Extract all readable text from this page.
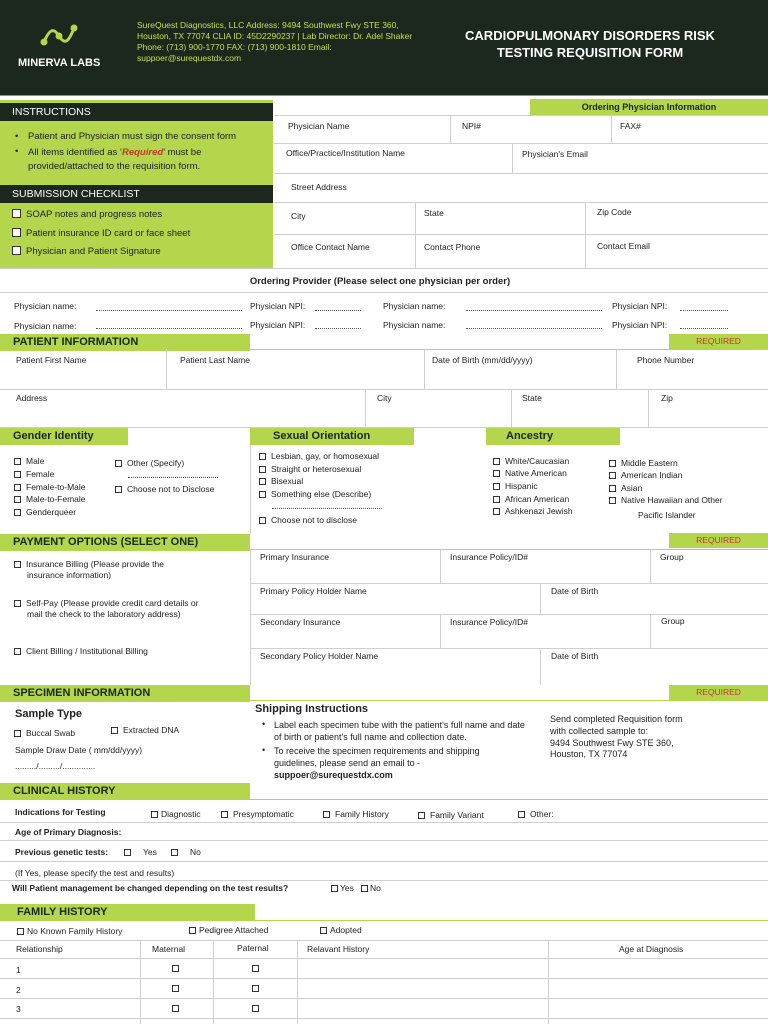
MINERVA LABS
SureQuest Diagnostics, LLC Address: 9494 Southwest Fwy STE 360, Houston, TX 77074 CLIA ID: 45D2290237 | Lab Director: Dr. Adel Shaker Phone: (713) 900-1770 FAX: (713) 900-1810 Email: suppoer@surequestdx.com
CARDIOPULMONARY DISORDERS RISK
TESTING REQUISITION FORM
INSTRUCTIONS
• Patient and Physician must sign the consent form
• All items identified as ‘Required’ must be provided/attached to the requisition form.
SUBMISSION CHECKLIST
SOAP notes and progress notes
Patient insurance ID card or face sheet
Physician and Patient Signature
Ordering Physician Information
Physician Name	NPI#	FAX#
Office/Practice/Institution Name	Physician's Email
Street Address
City	State	Zip Code
Office Contact Name	Contact Phone	Contact Email
Ordering Provider (Please select one physician per order)
Physician name:	Physician NPI:	Physician name:	Physician NPI:
Physician name:	Physician NPI:	Physician name:	Physician NPI:
PATIENT INFORMATION	REQUIRED
Patient First Name	Patient Last Name	Date of Birth (mm/dd/yyyy)	Phone Number
Address	City	State	Zip
Gender Identity
Male
Female
Female-to-Male
Male-to-Female
Genderqueer
Other (Specify)
Choose not to Disclose
Sexual Orientation
Lesbian, gay, or homosexual
Straight or heterosexual
Bisexual
Something else (Describe)
Choose not to disclose
Ancestry
White/Caucasian
Native American
Hispanic
African American
Ashkenazi Jewish
Middle Eastern
American Indian
Asian
Native Hawaiian and Other
Pacific Islander
PAYMENT OPTIONS (SELECT ONE)	REQUIRED
Insurance Billing (Please provide the
insurance information)
Self-Pay (Please provide credit card details or
mail the check to the laboratory address)
Client Billing / Institutional Billing
Primary Insurance	Insurance Policy/ID#	Group
Primary Policy Holder Name	Date of Birth
Secondary Insurance	Insurance Policy/ID#	Group
Secondary Policy Holder Name	Date of Birth
SPECIMEN INFORMATION	REQUIRED
Sample Type
Buccal Swab	Extracted DNA
Sample Draw Date ( mm/dd/yyyy)
........./........./..............
Shipping Instructions
• Label each specimen tube with the patient's full name and date of birth or patient's full name and collection date.
• To receive the specimen requirements and shipping guidelines, please send an email to -
suppoer@surequestdx.com
Send completed Requisition form
with collected sample to:
9494 Southwest Fwy STE 360,
Houston, TX 77074
CLINICAL HISTORY
Indications for Testing	Diagnostic	Presymptomatic	Family History	Family Variant	Other:
Age of Primary Diagnosis:
Previous genetic tests:	Yes	No
(If Yes, please specify the test and results)
Will Patient management be changed depending on the test results?	Yes	No
FAMILY HISTORY
No Known Family History	Pedigree Attached	Adopted
Relationship	Maternal	Paternal	Relavant History	Age at Diagnosis
1
2
3
